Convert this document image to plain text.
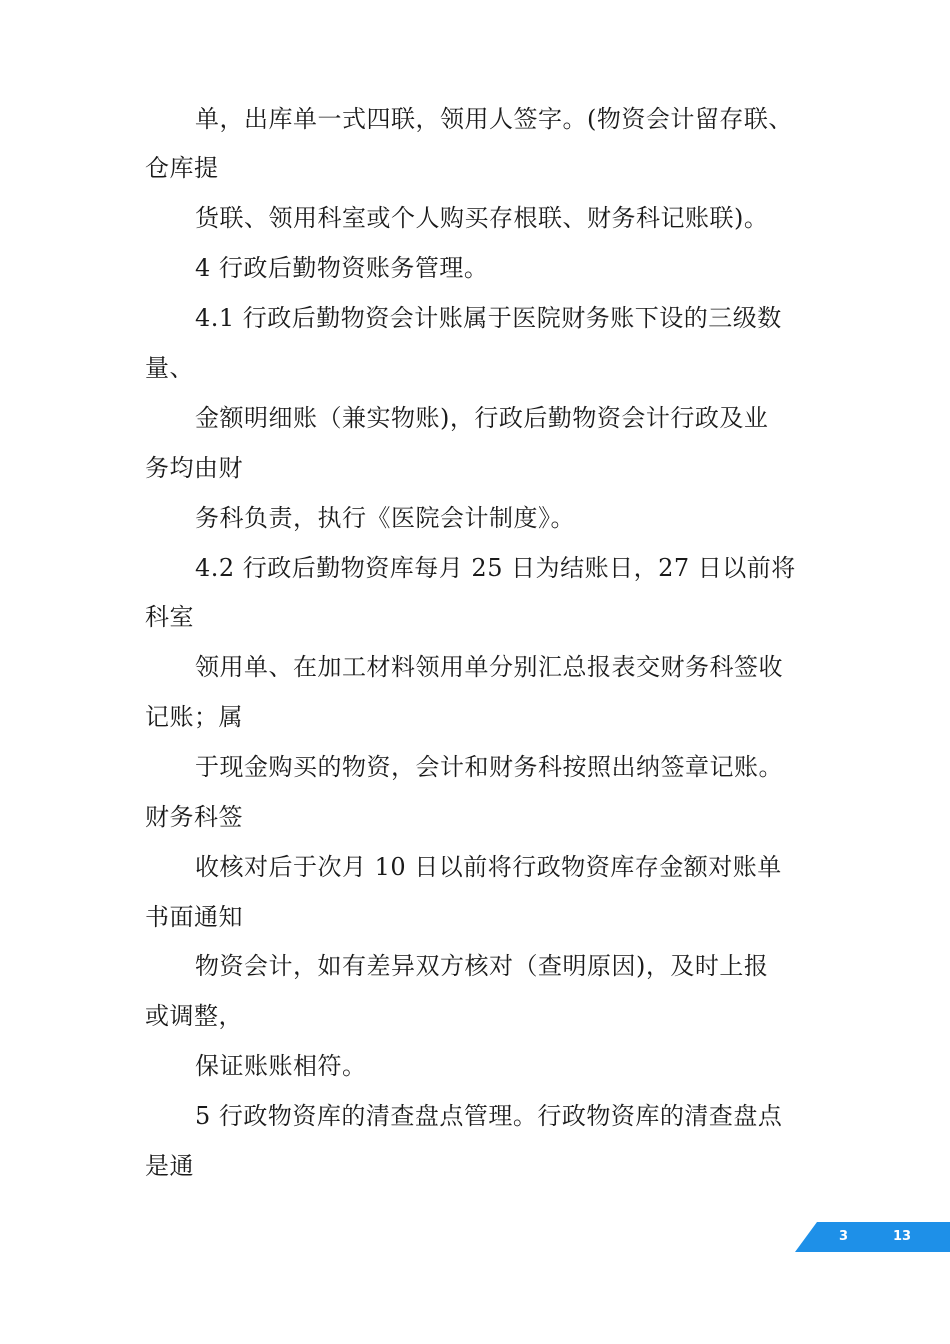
单，出库单一式四联，领用人签字。(物资会计留存联、
仓库提
货联、领用科室或个人购买存根联、财务科记账联)。
4 行政后勤物资账务管理。
4.1 行政后勤物资会计账属于医院财务账下设的三级数
量、
金额明细账（兼实物账)，行政后勤物资会计行政及业
务均由财
务科负责，执行《医院会计制度》。
4.2 行政后勤物资库每月 25 日为结账日，27 日以前将
科室
领用单、在加工材料领用单分别汇总报表交财务科签收
记账；属
于现金购买的物资，会计和财务科按照出纳签章记账。
财务科签
收核对后于次月 10 日以前将行政物资库存金额对账单
书面通知
物资会计，如有差异双方核对（查明原因)，及时上报
或调整，
保证账账相符。
5 行政物资库的清查盘点管理。行政物资库的清查盘点
是通
3	13
